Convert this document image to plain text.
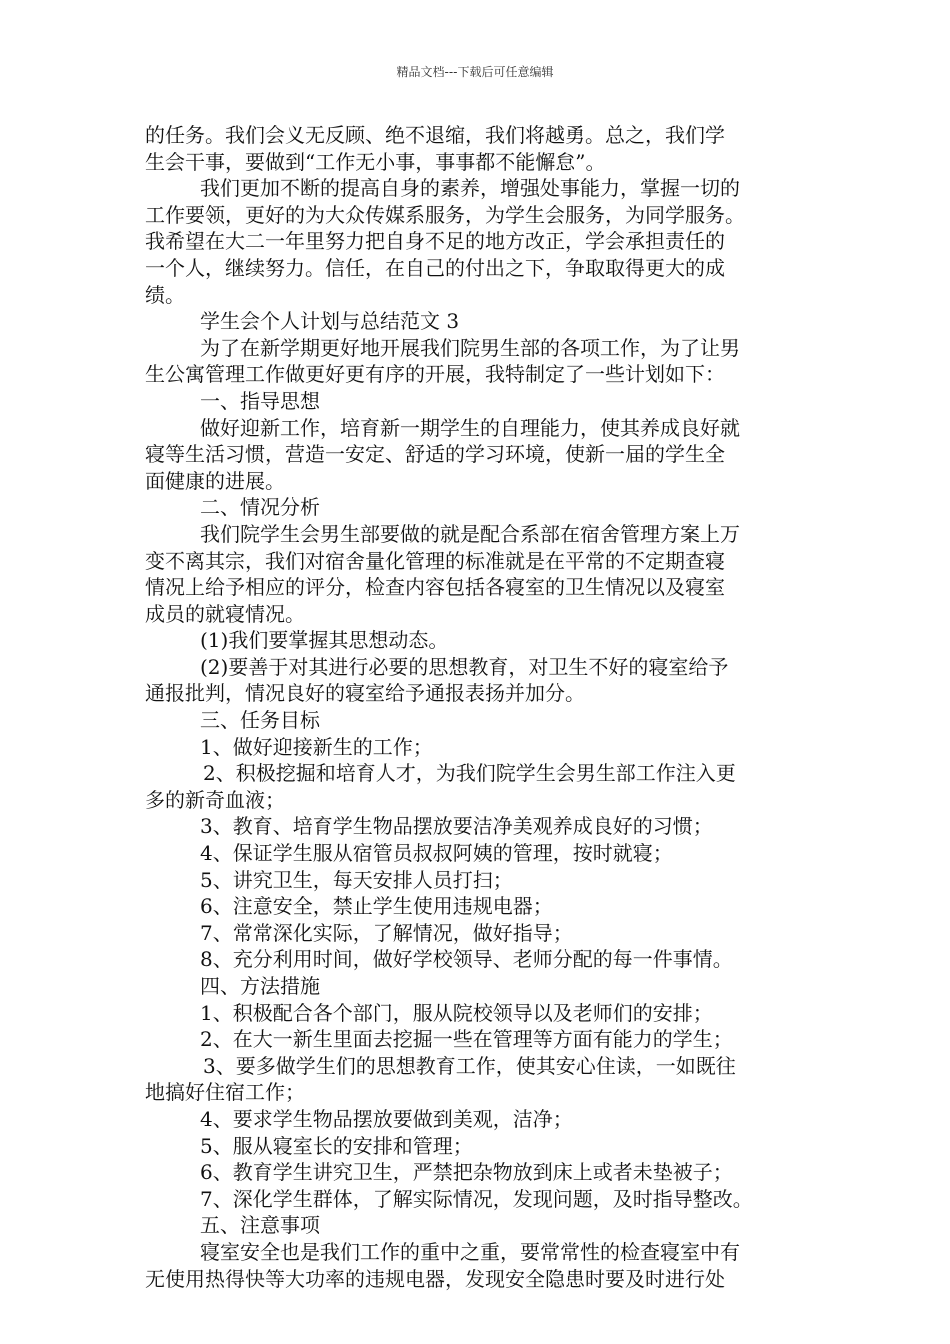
精品文档---下载后可任意编辑
的任务。我们会义无反顾、绝不退缩，我们将越勇。总之，我们学
生会干事，要做到“工作无小事，事事都不能懈怠”。
我们更加不断的提高自身的素养，增强处事能力，掌握一切的
工作要领，更好的为大众传媒系服务，为学生会服务，为同学服务。
我希望在大二一年里努力把自身不足的地方改正，学会承担责任的
一个人，继续努力。信任，在自己的付出之下，争取取得更大的成
绩。
学生会个人计划与总结范文 3
为了在新学期更好地开展我们院男生部的各项工作，为了让男
生公寓管理工作做更好更有序的开展，我特制定了一些计划如下：
一、指导思想
做好迎新工作，培育新一期学生的自理能力，使其养成良好就
寝等生活习惯，营造一安定、舒适的学习环境，使新一届的学生全
面健康的进展。
二、情况分析
我们院学生会男生部要做的就是配合系部在宿舍管理方案上万
变不离其宗，我们对宿舍量化管理的标准就是在平常的不定期查寝
情况上给予相应的评分，检查内容包括各寝室的卫生情况以及寝室
成员的就寝情况。
(1)我们要掌握其思想动态。
(2)要善于对其进行必要的思想教育，对卫生不好的寝室给予
通报批判，情况良好的寝室给予通报表扬并加分。
三、任务目标
1、做好迎接新生的工作；
2、积极挖掘和培育人才，为我们院学生会男生部工作注入更
多的新奇血液；
3、教育、培育学生物品摆放要洁净美观养成良好的习惯；
4、保证学生服从宿管员叔叔阿姨的管理，按时就寝；
5、讲究卫生，每天安排人员打扫；
6、注意安全，禁止学生使用违规电器；
7、常常深化实际，了解情况，做好指导；
8、充分利用时间，做好学校领导、老师分配的每一件事情。
四、方法措施
1、积极配合各个部门，服从院校领导以及老师们的安排；
2、在大一新生里面去挖掘一些在管理等方面有能力的学生；
3、要多做学生们的思想教育工作，使其安心住读，一如既往
地搞好住宿工作；
4、要求学生物品摆放要做到美观，洁净；
5、服从寝室长的安排和管理；
6、教育学生讲究卫生，严禁把杂物放到床上或者未垫被子；
7、深化学生群体，了解实际情况，发现问题，及时指导整改。
五、注意事项
寝室安全也是我们工作的重中之重，要常常性的检查寝室中有
无使用热得快等大功率的违规电器，发现安全隐患时要及时进行处
